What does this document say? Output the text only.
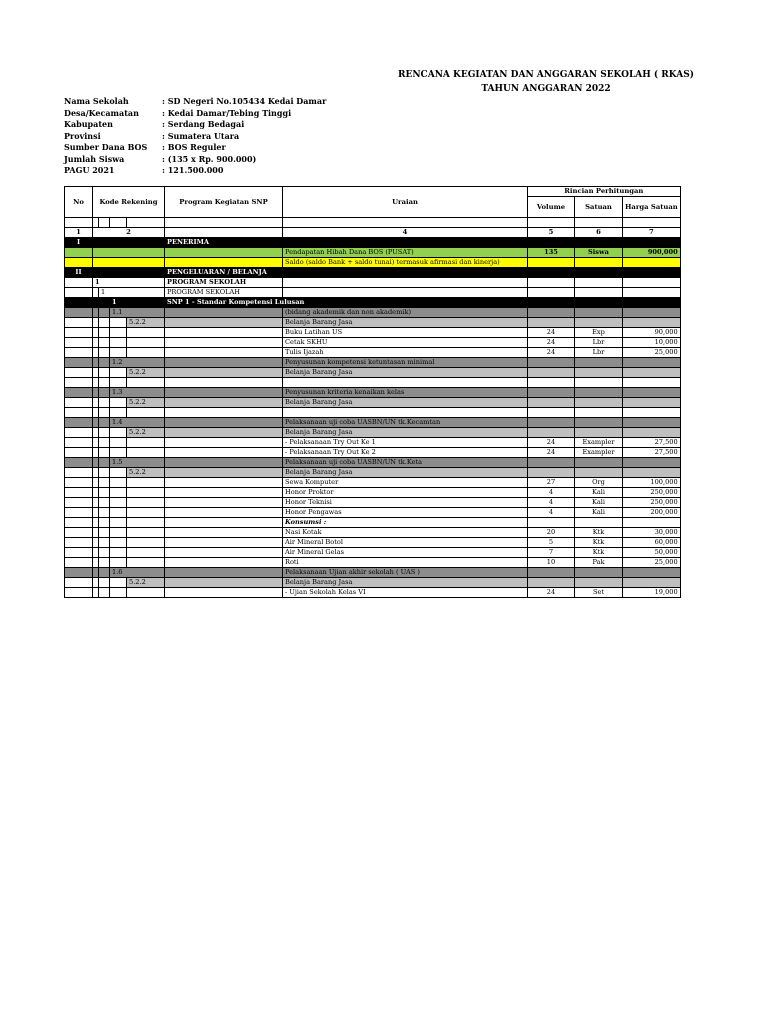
RENCANA KEGIATAN DAN ANGGARAN SEKOLAH ( RKAS)
TAHUN ANGGARAN 2022
Nama Sekolah	: SD Negeri No.105434 Kedai Damar
Desa/Kecamatan	: Kedai Damar/Tebing Tinggi
Kabupaten	: Serdang Bedagai
Provinsi	: Sumatera Utara
Sumber Dana BOS : BOS Reguler
Jumlah Siswa	: (135 x Rp. 900.000)
PAGU 2021	: 121.500.000
No	Kode Rekening				Program Kegiatan SNP	Uraian	Rincian Perhitungan		
							Volume	Satuan	Harga Satuan

1	2					4	5	6	7
I					PENERIMA				
						Pendapatan Hibah Dana BOS (PUSAT)	135	Siswa	900,000
						Saldo (saldo Bank + saldo tunai) termasuk afirmasi dan kinerja)			
II					PENGELUARAN / BELANJA				
	1				PROGRAM SEKOLAH				
		1			PROGRAM SEKOLAH				
			1		SNP 1 - Standar Kompetensi Lulusan				
			1.1			(bidang akademik dan non akademik)			
				5.2.2		Belanja Barang Jasa			
						Buku Latihan US	24	Exp	90,000
						Cetak SKHU	24	Lbr	10,000
						Tulis Ijazah	24	Lbr	25,000
			1.2			Penyusunan kompetensi ketuntasan minimal			
				5.2.2		Belanja Barang Jasa			

			1.3			Penyusunan kriteria kenaikan kelas			
				5.2.2		Belanja Barang Jasa			

			1.4			Pelaksanaan uji coba UASBN/UN tk.Kecamtan			
				5.2.2		Belanja Barang Jasa			
						- Pelaksanaan Try Out Ke 1	24	Exampler	27,500
						- Pelaksanaan Try Out Ke 2	24	Exampler	27,500
			1.5			Pelaksanaan uji coba UASBN/UN tk.Keta			
				5.2.2		Belanja Barang Jasa			
						Sewa Komputer	27	Org	100,000
						Honor Proktor	4	Kali	250,000
						Honor Teknisi	4	Kali	250,000
						Honor Pengawas	4	Kali	200,000
						Konsumsi :			
						Nasi Kotak	20	Ktk	30,000
						Air Mineral Botol	5	Ktk	60,000
						Air Mineral Gelas	7	Ktk	50,000
						Roti	10	Pak	25,000
			1.6			Pelaksanaan Ujian akhir sekolah ( UAS )			
				5.2.2		Belanja Barang Jasa			
						- Ujian Sekolah Kelas VI	24	Set	19,000
